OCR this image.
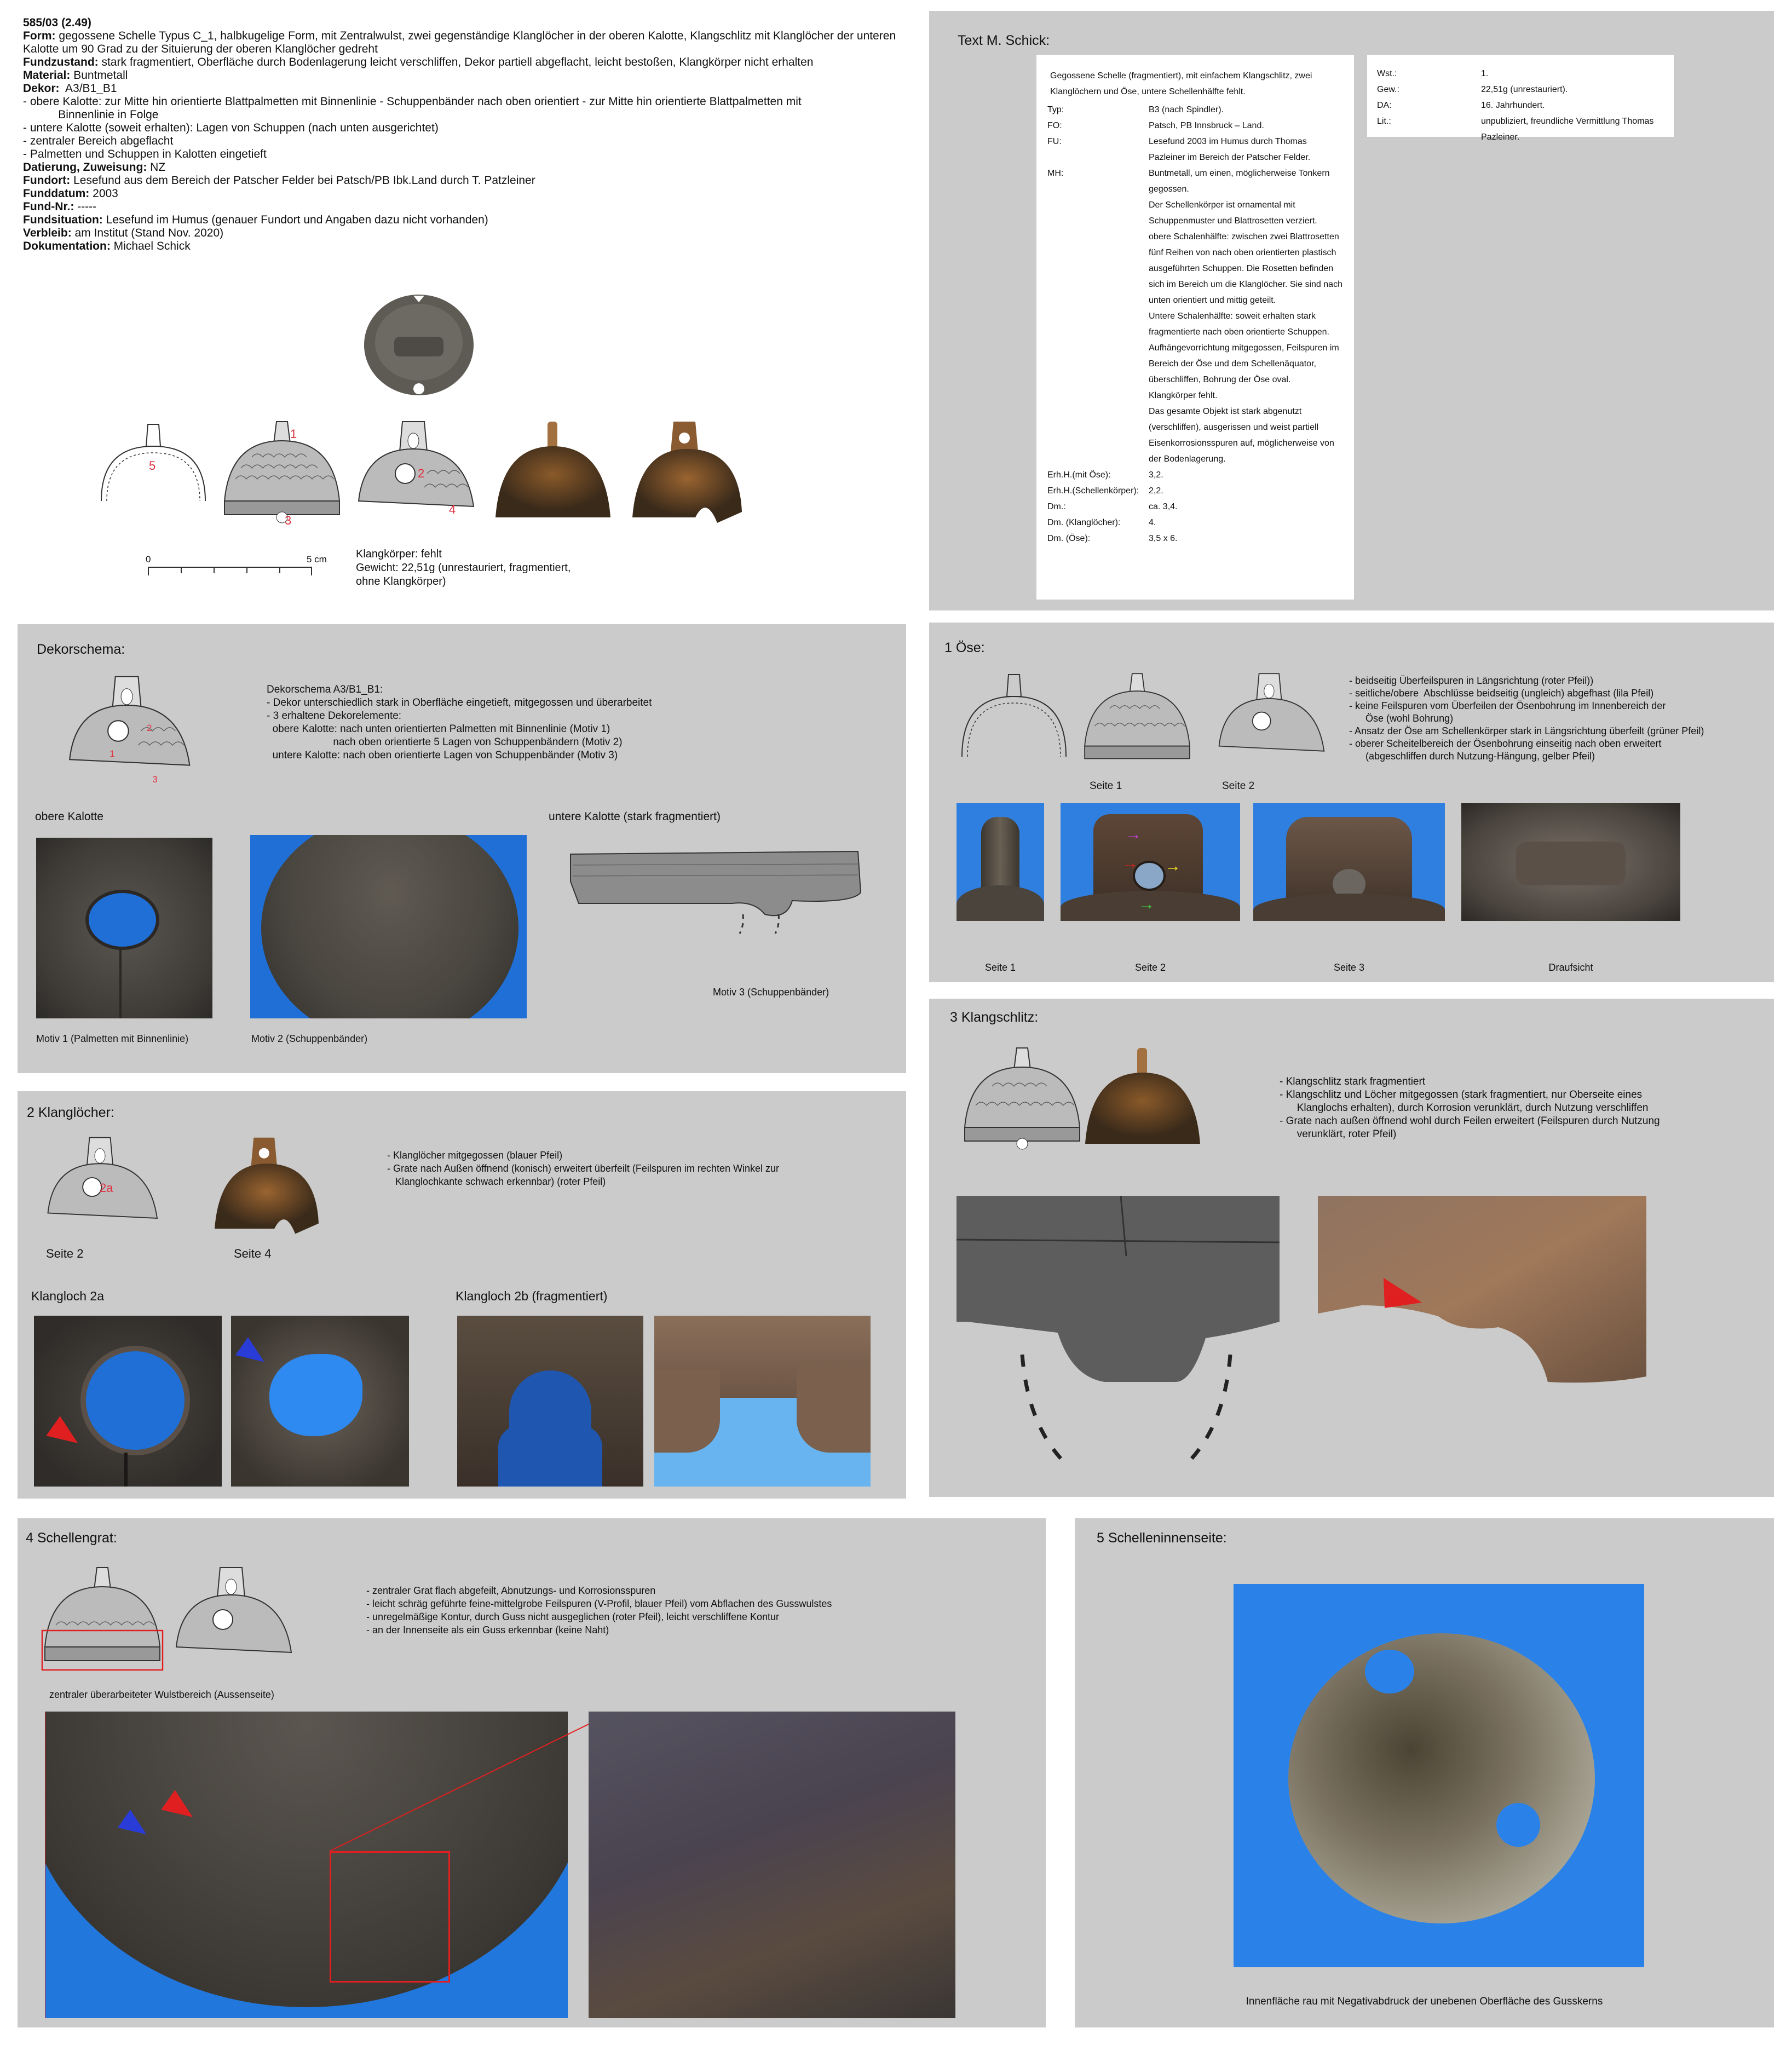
585/03 (2.49)
Form: gegossene Schelle Typus C_1, halbkugelige Form, mit Zentralwulst, zwei gegenständige Klanglöcher in der oberen Kalotte, Klangschlitz mit Klanglöcher der unteren Kalotte um 90 Grad zu der Situierung der oberen Klanglöcher gedreht
Fundzustand: stark fragmentiert, Oberfläche durch Bodenlagerung leicht verschliffen, Dekor partiell abgeflacht, leicht bestoßen, Klangkörper nicht erhalten
Material: Buntmetall
Dekor:  A3/B1_B1
- obere Kalotte: zur Mitte hin orientierte Blattpalmetten mit Binnenlinie - Schuppenbänder nach oben orientiert - zur Mitte hin orientierte Blattpalmetten mit
Binnenlinie in Folge
- untere Kalotte (soweit erhalten): Lagen von Schuppen (nach unten ausgerichtet)
- zentraler Bereich abgeflacht
- Palmetten und Schuppen in Kalotten eingetieft
Datierung, Zuweisung: NZ
Fundort: Lesefund aus dem Bereich der Patscher Felder bei Patsch/PB Ibk.Land durch T. Patzleiner
Funddatum: 2003
Fund-Nr.: -----
Fundsituation: Lesefund im Humus (genauer Fundort und Angaben dazu nicht vorhanden)
Verbleib: am Institut (Stand Nov. 2020)
Dokumentation: Michael Schick
5
1
3
2
4
0	5 cm	Klangkörper: fehlt
Gewicht: 22,51g (unrestauriert, fragmentiert,
ohne Klangkörper)
Text M. Schick:
Gegossene Schelle (fragmentiert), mit einfachem Klangschlitz, zwei Klanglöchern und Öse, untere Schellenhälfte fehlt.
Typ:	B3 (nach Spindler).
FO:	Patsch, PB Innsbruck – Land.
FU:	Lesefund 2003 im Humus durch Thomas Pazleiner im Bereich der Patscher Felder.
MH:	Buntmetall, um einen, möglicherweise Tonkern gegossen.
Der Schellenkörper ist ornamental mit Schuppenmuster und Blattrosetten verziert.
obere Schalenhälfte: zwischen zwei Blattrosetten fünf Reihen von nach oben orientierten plastisch ausgeführten Schuppen. Die Rosetten befinden sich im Bereich um die Klanglöcher. Sie sind nach unten orientiert und mittig geteilt.
Untere Schalenhälfte: soweit erhalten stark fragmentierte nach oben orientierte Schuppen.
Aufhängevorrichtung mitgegossen, Feilspuren im Bereich der Öse und dem Schellenäquator, überschliffen, Bohrung der Öse oval.
Klangkörper fehlt.
Das gesamte Objekt ist stark abgenutzt (verschliffen), ausgerissen und weist partiell Eisenkorrosionsspuren auf, möglicherweise von der Bodenlagerung.
Erh.H.(mit Öse):	3,2.
Erh.H.(Schellenkörper):	2,2.
Dm.:	ca. 3,4.
Dm. (Klanglöcher):	4.
Dm. (Öse):	3,5 x 6.
Wst.:	1.
Gew.:	22,51g (unrestauriert).
DA:	16. Jahrhundert.
Lit.:	unpubliziert, freundliche Vermittlung Thomas Pazleiner.
Dekorschema:
1
2
3
Dekorschema A3/B1_B1:
- Dekor unterschiedlich stark in Oberfläche eingetieft, mitgegossen und überarbeitet
- 3 erhaltene Dekorelemente:
obere Kalotte: nach unten orientierten Palmetten mit Binnenlinie (Motiv 1)
nach oben orientierte 5 Lagen von Schuppenbändern (Motiv 2)
untere Kalotte: nach oben orientierte Lagen von Schuppenbänder (Motiv 3)
obere Kalotte	untere Kalotte (stark fragmentiert)
Motiv 1 (Palmetten mit Binnenlinie)	Motiv 2 (Schuppenbänder)
Motiv 3 (Schuppenbänder)
1 Öse:
Seite 1	Seite 2
- beidseitig Überfeilspuren in Längsrichtung (roter Pfeil))
- seitliche/obere  Abschlüsse beidseitig (ungleich) abgefhast (lila Pfeil)
- keine Feilspuren vom Überfeilen der Ösenbohrung im Innenbereich der
Öse (wohl Bohrung)
- Ansatz der Öse am Schellenkörper stark in Längsrichtung überfeilt (grüner Pfeil)
- oberer Scheitelbereich der Ösenbohrung einseitig nach oben erweitert
(abgeschliffen durch Nutzung-Hängung, gelber Pfeil)
→
→ →
→
Seite 1	Seite 2	Seite 3	Draufsicht
3 Klangschlitz:
- Klangschlitz stark fragmentiert
- Klangschlitz und Löcher mitgegossen (stark fragmentiert, nur Oberseite eines
Klanglochs erhalten), durch Korrosion verunklärt, durch Nutzung verschliffen
- Grate nach außen öffnend wohl durch Feilen erweitert (Feilspuren durch Nutzung
verunklärt, roter Pfeil)
2 Klanglöcher:
2a
Seite 2	Seite 4
- Klanglöcher mitgegossen (blauer Pfeil)
- Grate nach Außen öffnend (konisch) erweitert überfeilt (Feilspuren im rechten Winkel zur
Klanglochkante schwach erkennbar) (roter Pfeil)
Klangloch 2a	Klangloch 2b (fragmentiert)
4 Schellengrat:
- zentraler Grat flach abgefeilt, Abnutzungs- und Korrosionsspuren
- leicht schräg geführte feine-mittelgrobe Feilspuren (V-Profil, blauer Pfeil) vom Abflachen des Gusswulstes
- unregelmäßige Kontur, durch Guss nicht ausgeglichen (roter Pfeil), leicht verschliffene Kontur
- an der Innenseite als ein Guss erkennbar (keine Naht)
zentraler überarbeiteter Wulstbereich (Aussenseite)
5 Schelleninnenseite:
Innenfläche rau mit Negativabdruck der unebenen Oberfläche des Gusskerns
